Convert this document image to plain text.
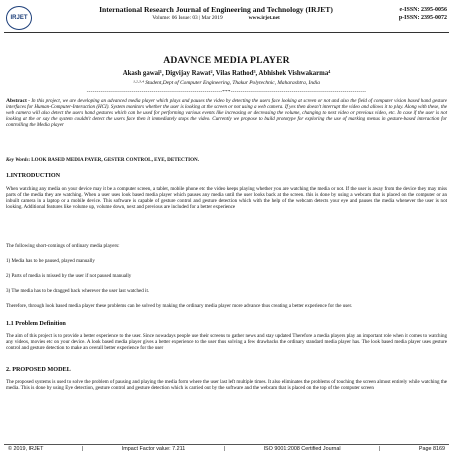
IRJET
International Research Journal of Engineering and Technology (IRJET)
Volume: 06 Issue: 03 | Mar 2019	www.irjet.net
e-ISSN: 2395-0056
p-ISSN: 2395-0072
ADAVNCE MEDIA PLAYER
Akash gawai¹, Digvijay Rawat², Vilas Rathod³, Abhishek Vishwakarma⁴
¹·²·³·⁴ Student,Dept of Computer Engineering, Thakur Polytechnic, Maharashtra, India
---------------------------------------------------------------------***---------------------------------------------------------------------

Abstract - In this project, we are developing an advanced media player which plays and pauses the video by detecting the users face looking at screen or not and also the field of computer vision based hand gesture interfaces for Human-Computer-Interaction (HCI). System monitors whether the user is looking at the screen or not using a web camera. If yes then doesn't interrupt the video and allows it to play. Along with these, the web camera will also detect the users hand gestures which can be used for performing various events like increasing or decreasing the volume, changing to next video or previous video, etc. In case if the user is not looking at the or say the system couldn't detect the users face then it immediately stops the video. Currently we propose to build prototype for exploring the use of marking menus in gesture-based interaction for controlling the Media player

Key Words: LOOK BASED MEDIA PAYER, GESTER CONTROL, EYE, DETECTION.

1.INTRODUCTION

When watching any media on your device may it be a computer screen, a tablet, mobile phone etc the video keeps playing whether you are watching the media or not. If the user is away from the device they may miss parts of the media they are watching. When a user uses look based media player which pauses any media until the user looks back at the screen. this is done by using a webcam that is placed on the computer or an inbuilt camera in a laptop or a mobile device. This software is capable of gesture control and gesture detection which with the help of the webcam detects your eye and pauses the media whenever the user is not looking. Additional features like volume up, volume down, next and previous are included for a better experience

The following short-comings of ordinary media players:

1) Media has to be paused, played manually

2) Parts of media is missed by the user if not paused manually

3) The media has to be dragged back wherever the user last watched it.

Therefore, through look based media player these problems can be solved by making the ordinary media player more advance thus creating a better experience for the user.

1.1 Problem Definition

The aim of this project is to provide a better experience to the user. Since nowadays people use their screens to gather news and stay updated Therefore a media players play an important role when it comes to watching any videos, movies etc on your device. A look based media player gives a better experience to the user thus solving a few drawbacks the ordinary standard media player has. The look based media player uses gesture control and gesture detection to make an overall better experience for the user

2. PROPOSED MODEL

The proposed systems is used to solve the problem of pausing and playing the media form where the user last left multiple times. It also eliminates the problems of touching the screen almost entirely while watching the media. This is done by using Eye detection, gesture control and gesture detection which is carried out by the software and the webcam that is placed on the top of the computer screen

© 2019, IRJET	|	Impact Factor value: 7.211	|	ISO 9001:2008 Certified Journal	|	Page 8169
